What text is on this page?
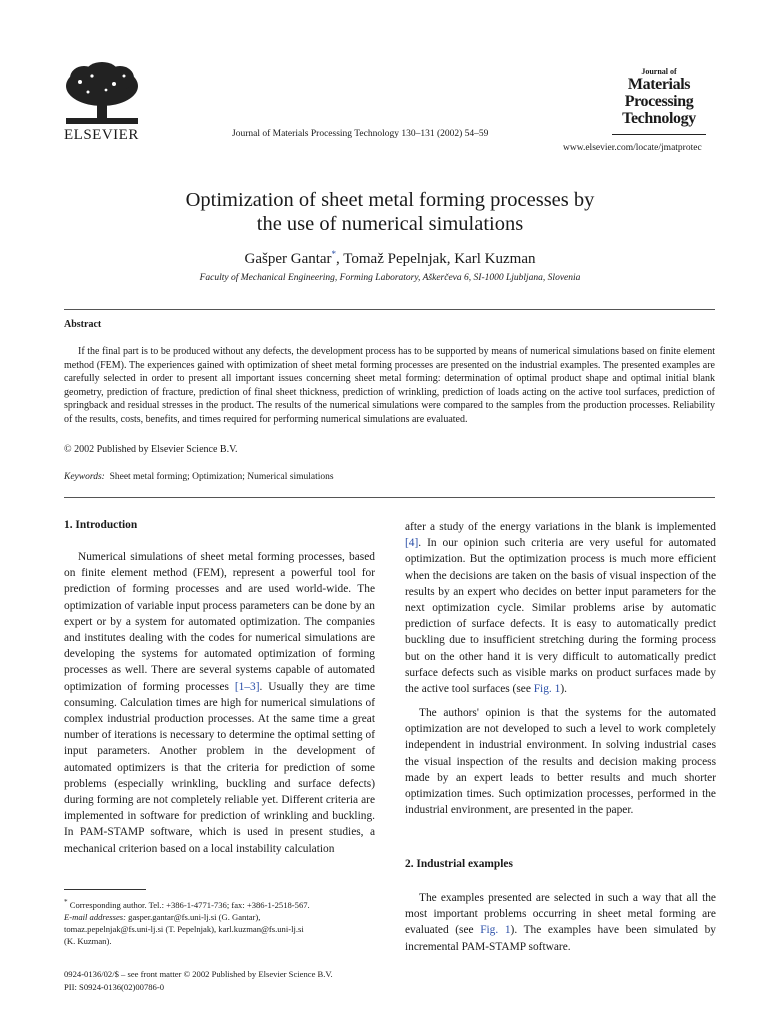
ELSEVIER	Journal of Materials Processing Technology 130–131 (2002) 54–59
Journal of
Materials
Processing
Technology
www.elsevier.com/locate/jmatprotec
Optimization of sheet metal forming processes by
the use of numerical simulations
Gašper Gantar*, Tomaž Pepelnjak, Karl Kuzman
Faculty of Mechanical Engineering, Forming Laboratory, Aškerčeva 6, SI-1000 Ljubljana, Slovenia
Abstract

If the final part is to be produced without any defects, the development process has to be supported by means of numerical simulations based on finite element method (FEM). The experiences gained with optimization of sheet metal forming processes are presented on the industrial examples. The presented examples are carefully selected in order to present all important issues concerning sheet metal forming: determination of optimal product shape and optimal initial blank geometry, prediction of fracture, prediction of final sheet thickness, prediction of wrinkling, prediction of loads acting on the active tool surfaces, prediction of springback and residual stresses in the product. The results of the numerical simulations were compared to the samples from the production processes. Reliability of the results, costs, benefits, and times required for performing numerical simulations are evaluated.

© 2002 Published by Elsevier Science B.V.
Keywords: Sheet metal forming; Optimization; Numerical simulations
1. Introduction

Numerical simulations of sheet metal forming processes, based on finite element method (FEM), represent a powerful tool for prediction of forming processes and are used world-wide. The optimization of variable input process parameters can be done by an expert or by a system for automated optimization. The companies and institutes dealing with the codes for numerical simulations are developing the systems for automated optimization of forming processes as well. There are several systems capable of automated optimization of forming processes [1–3]. Usually they are time consuming. Calculation times are high for numerical simulations of complex industrial production processes. At the same time a great number of iterations is necessary to determine the optimal setting of input parameters. Another problem in the development of automated optimizers is that the criteria for prediction of some problems (especially wrinkling, buckling and surface defects) during forming are not completely reliable yet. Different criteria are implemented in software for prediction of wrinkling and buckling. In PAM-STAMP software, which is used in present studies, a mechanical criterion based on a local instability calculation

after a study of the energy variations in the blank is implemented [4]. In our opinion such criteria are very useful for automated optimization. But the optimization process is much more efficient when the decisions are taken on the basis of visual inspection of the results by an expert who decides on better input parameters for the next optimization cycle. Similar problems arise by automatic prediction of surface defects. It is easy to automatically predict buckling due to insufficient stretching during the forming process but on the other hand it is very difficult to automatically predict surface defects such as visible marks on product surfaces made by the active tool surfaces (see Fig. 1).

The authors' opinion is that the systems for the automated optimization are not developed to such a level to work completely independent in industrial environment. In solving industrial cases the visual inspection of the results and decision making process made by an expert leads to better results and much shorter optimization times. Such optimization processes, performed in the industrial environment, are presented in the paper.

2. Industrial examples

The examples presented are selected in such a way that all the most important problems occurring in sheet metal forming are evaluated (see Fig. 1). The examples have been simulated by incremental PAM-STAMP software.

* Corresponding author. Tel.: +386-1-4771-736; fax: +386-1-2518-567.
E-mail addresses: gasper.gantar@fs.uni-lj.si (G. Gantar),
tomaz.pepelnjak@fs.uni-lj.si (T. Pepelnjak), karl.kuzman@fs.uni-lj.si
(K. Kuzman).
0924-0136/02/$ – see front matter © 2002 Published by Elsevier Science B.V.
PII: S0924-0136(02)00786-0
